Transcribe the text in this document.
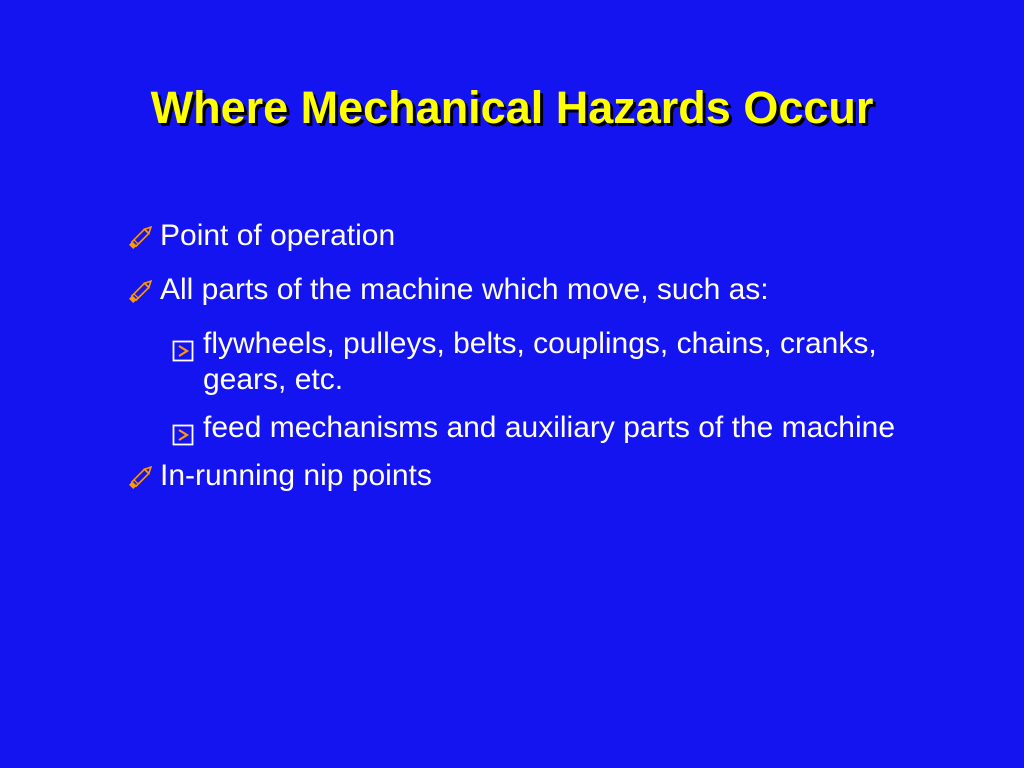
Where Mechanical Hazards Occur
Point of operation
All parts of the machine which move, such as:
flywheels, pulleys, belts, couplings, chains, cranks, gears, etc.
feed mechanisms and auxiliary parts of the machine
In-running nip points
